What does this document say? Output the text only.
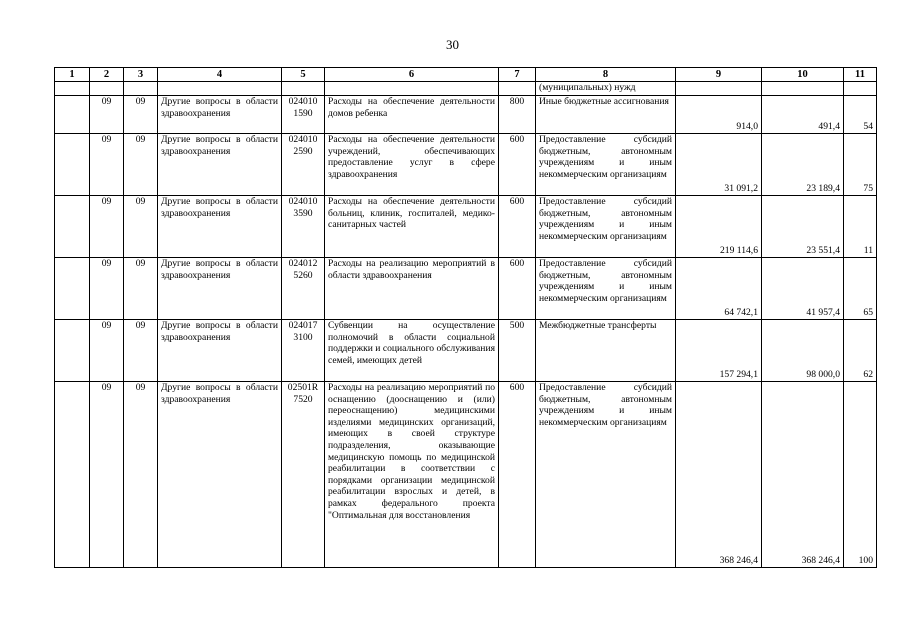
30
1	2	3	4	5	6	7	8	9	10	11
							(муниципальных) нужд			
	09	09	Другие вопросы в области здравоохранения	024010 1590	Расходы на обеспечение деятельности домов ребенка	800	Иные бюджетные ассигнования	914,0	491,4	54
	09	09	Другие вопросы в области здравоохранения	024010 2590	Расходы на обеспечение деятельности учреждений, обеспечивающих предоставление услуг в сфере здравоохранения	600	Предоставление субсидий бюджетным, автономным учреждениям и иным некоммерческим организациям	31 091,2	23 189,4	75
	09	09	Другие вопросы в области здравоохранения	024010 3590	Расходы на обеспечение деятельности больниц, клиник, госпиталей, медико-санитарных частей	600	Предоставление субсидий бюджетным, автономным учреждениям и иным некоммерческим организациям	219 114,6	23 551,4	11
	09	09	Другие вопросы в области здравоохранения	024012 5260	Расходы на реализацию мероприятий в области здравоохранения	600	Предоставление субсидий бюджетным, автономным учреждениям и иным некоммерческим организациям	64 742,1	41 957,4	65
	09	09	Другие вопросы в области здравоохранения	024017 3100	Субвенции на осуществление полномочий в области социальной поддержки и социального обслуживания семей, имеющих детей	500	Межбюджетные трансферты	157 294,1	98 000,0	62
	09	09	Другие вопросы в области здравоохранения	02501R 7520	Расходы на реализацию мероприятий по оснащению (дооснащению и (или) переоснащению) медицинскими изделиями медицинских организаций, имеющих в своей структуре подразделения, оказывающие медицинскую помощь по медицинской реабилитации в соответствии с порядками организации медицинской реабилитации взрослых и детей, в рамках федерального проекта "Оптимальная для восстановления	600	Предоставление субсидий бюджетным, автономным учреждениям и иным некоммерческим организациям	368 246,4	368 246,4	100
